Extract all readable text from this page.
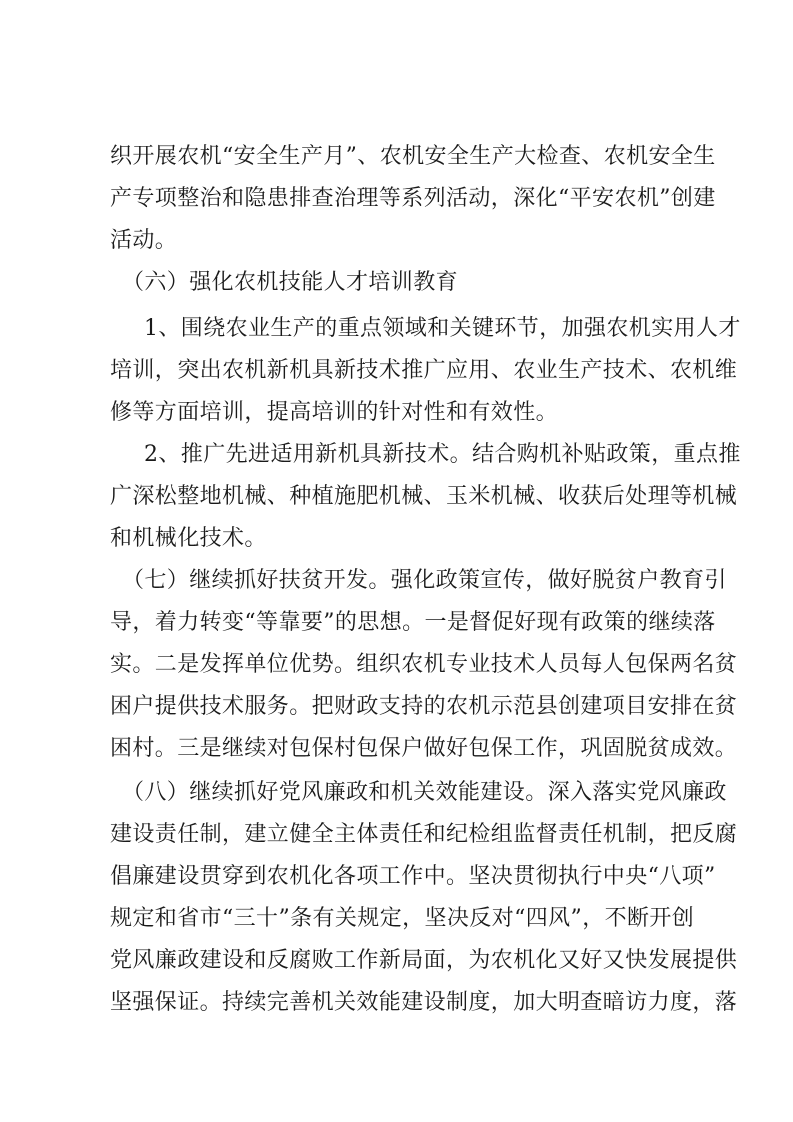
织开展农机“安全生产月”、农机安全生产大检查、农机安全生
产专项整治和隐患排查治理等系列活动，深化“平安农机”创建
活动。
（六）强化农机技能人才培训教育
1、围绕农业生产的重点领域和关键环节，加强农机实用人才
培训，突出农机新机具新技术推广应用、农业生产技术、农机维
修等方面培训，提高培训的针对性和有效性。
2、推广先进适用新机具新技术。结合购机补贴政策，重点推
广深松整地机械、种植施肥机械、玉米机械、收获后处理等机械
和机械化技术。
（七）继续抓好扶贫开发。强化政策宣传，做好脱贫户教育引
导，着力转变“等靠要”的思想。一是督促好现有政策的继续落
实。二是发挥单位优势。组织农机专业技术人员每人包保两名贫
困户提供技术服务。把财政支持的农机示范县创建项目安排在贫
困村。三是继续对包保村包保户做好包保工作，巩固脱贫成效。
（八）继续抓好党风廉政和机关效能建设。深入落实党风廉政
建设责任制，建立健全主体责任和纪检组监督责任机制，把反腐
倡廉建设贯穿到农机化各项工作中。坚决贯彻执行中央“八项”
规定和省市“三十”条有关规定，坚决反对“四风”，不断开创
党风廉政建设和反腐败工作新局面，为农机化又好又快发展提供
坚强保证。持续完善机关效能建设制度，加大明查暗访力度，落
